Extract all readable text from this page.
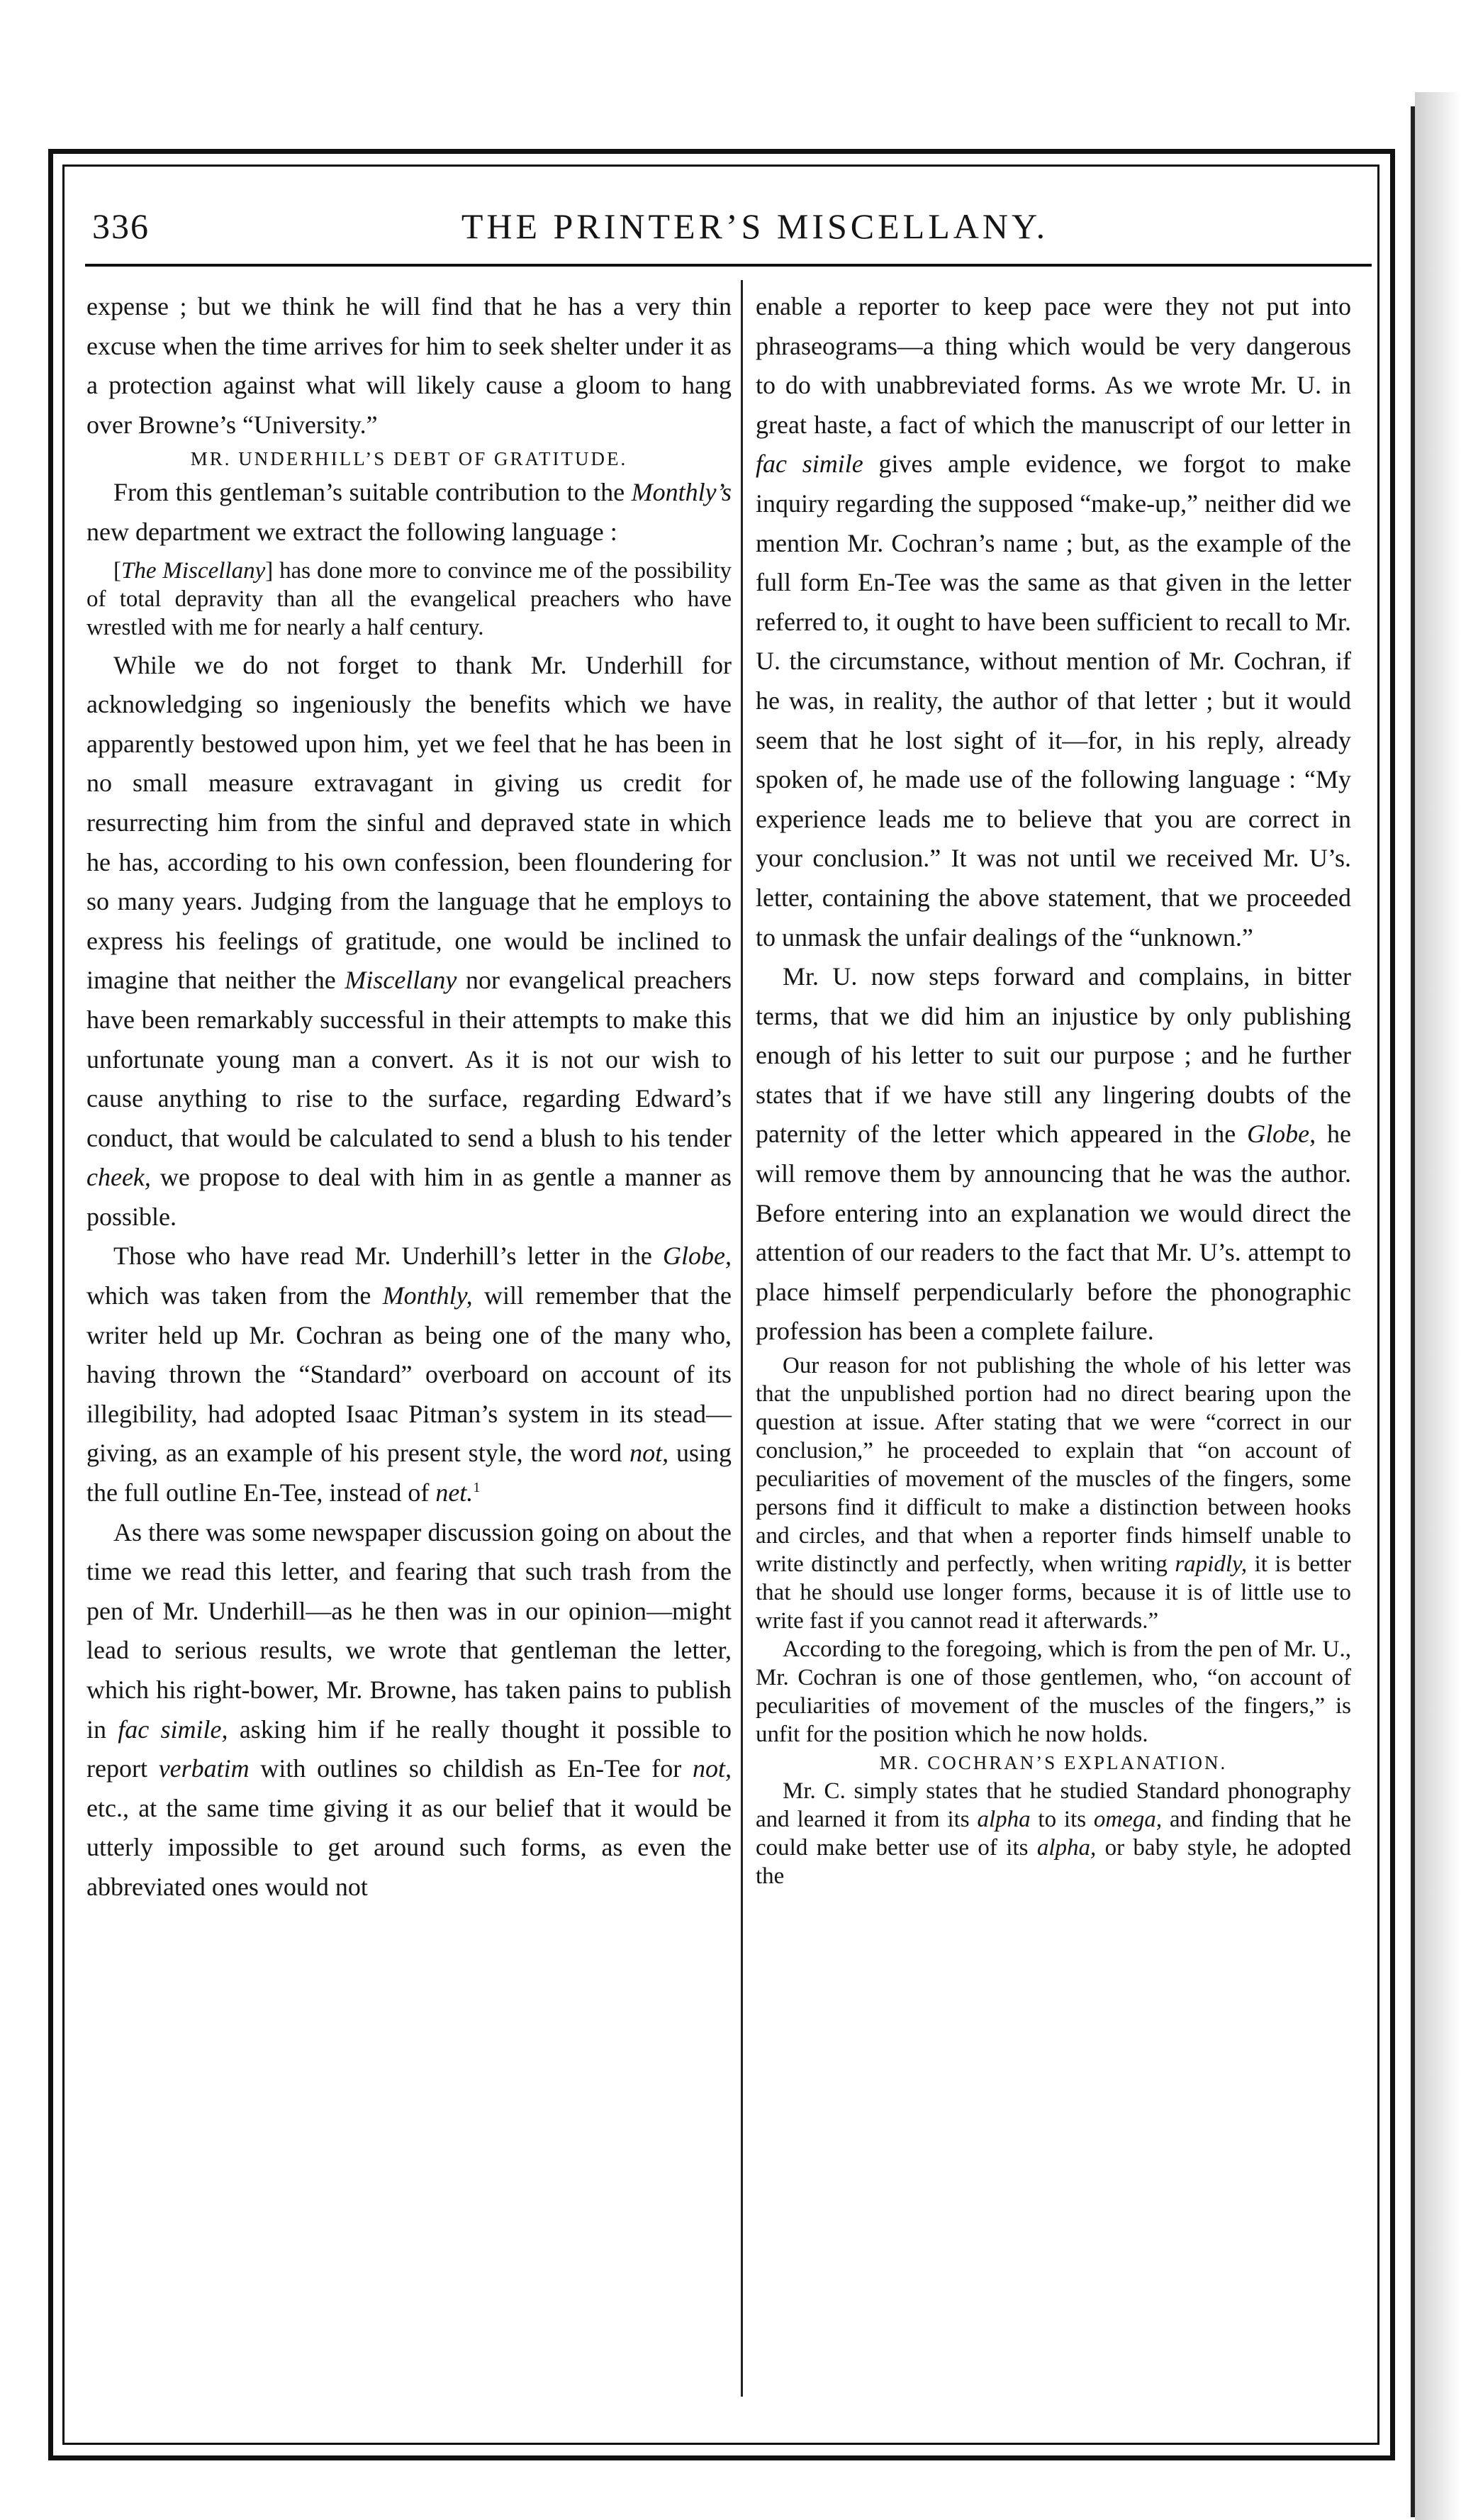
336	THE PRINTER’S MISCELLANY.

expense ; but we think he will find that he has a very thin excuse when the time arrives for him to seek shelter under it as a protection against what will likely cause a gloom to hang over Browne’s “University.”

MR. UNDERHILL’S DEBT OF GRATITUDE.

From this gentleman’s suitable contribution to the Monthly’s new department we extract the following language :

[The Miscellany] has done more to convince me of the possibility of total depravity than all the evangelical preachers who have wrestled with me for nearly a half century.

While we do not forget to thank Mr. Underhill for acknowledging so ingeniously the benefits which we have apparently bestowed upon him, yet we feel that he has been in no small measure extravagant in giving us credit for resurrecting him from the sinful and depraved state in which he has, according to his own confession, been floundering for so many years. Judging from the language that he employs to express his feelings of gratitude, one would be inclined to imagine that neither the Miscellany nor evangelical preachers have been remarkably successful in their attempts to make this unfortunate young man a convert. As it is not our wish to cause anything to rise to the surface, regarding Edward’s conduct, that would be calculated to send a blush to his tender cheek, we propose to deal with him in as gentle a manner as possible.

Those who have read Mr. Underhill’s letter in the Globe, which was taken from the Monthly, will remember that the writer held up Mr. Cochran as being one of the many who, having thrown the “Standard” overboard on account of its illegibility, had adopted Isaac Pitman’s system in its stead—giving, as an example of his present style, the word not, using the full outline En-Tee, instead of net.$^1$

As there was some newspaper discussion going on about the time we read this letter, and fearing that such trash from the pen of Mr. Underhill—as he then was in our opinion—might lead to serious results, we wrote that gentleman the letter, which his right-bower, Mr. Browne, has taken pains to publish in fac simile, asking him if he really thought it possible to report verbatim with outlines so childish as En-Tee for not, etc., at the same time giving it as our belief that it would be utterly impossible to get around such forms, as even the abbreviated ones would not

enable a reporter to keep pace were they not put into phraseograms—a thing which would be very dangerous to do with unabbreviated forms. As we wrote Mr. U. in great haste, a fact of which the manuscript of our letter in fac simile gives ample evidence, we forgot to make inquiry regarding the supposed “make-up,” neither did we mention Mr. Cochran’s name ; but, as the example of the full form En-Tee was the same as that given in the letter referred to, it ought to have been sufficient to recall to Mr. U. the circumstance, without mention of Mr. Cochran, if he was, in reality, the author of that letter ; but it would seem that he lost sight of it—for, in his reply, already spoken of, he made use of the following language : “My experience leads me to believe that you are correct in your conclusion.” It was not until we received Mr. U’s. letter, containing the above statement, that we proceeded to unmask the unfair dealings of the “unknown.”

Mr. U. now steps forward and complains, in bitter terms, that we did him an injustice by only publishing enough of his letter to suit our purpose ; and he further states that if we have still any lingering doubts of the paternity of the letter which appeared in the Globe, he will remove them by announcing that he was the author. Before entering into an explanation we would direct the attention of our readers to the fact that Mr. U’s. attempt to place himself perpendicularly before the phonographic profession has been a complete failure.

Our reason for not publishing the whole of his letter was that the unpublished portion had no direct bearing upon the question at issue. After stating that we were “correct in our conclusion,” he proceeded to explain that “on account of peculiarities of movement of the muscles of the fingers, some persons find it difficult to make a distinction between hooks and circles, and that when a reporter finds himself unable to write distinctly and perfectly, when writing rapidly, it is better that he should use longer forms, because it is of little use to write fast if you cannot read it afterwards.”

According to the foregoing, which is from the pen of Mr. U., Mr. Cochran is one of those gentlemen, who, “on account of peculiarities of movement of the muscles of the fingers,” is unfit for the position which he now holds.

MR. COCHRAN’S EXPLANATION.

Mr. C. simply states that he studied Standard phonography and learned it from its alpha to its omega, and finding that he could make better use of its alpha, or baby style, he adopted the
